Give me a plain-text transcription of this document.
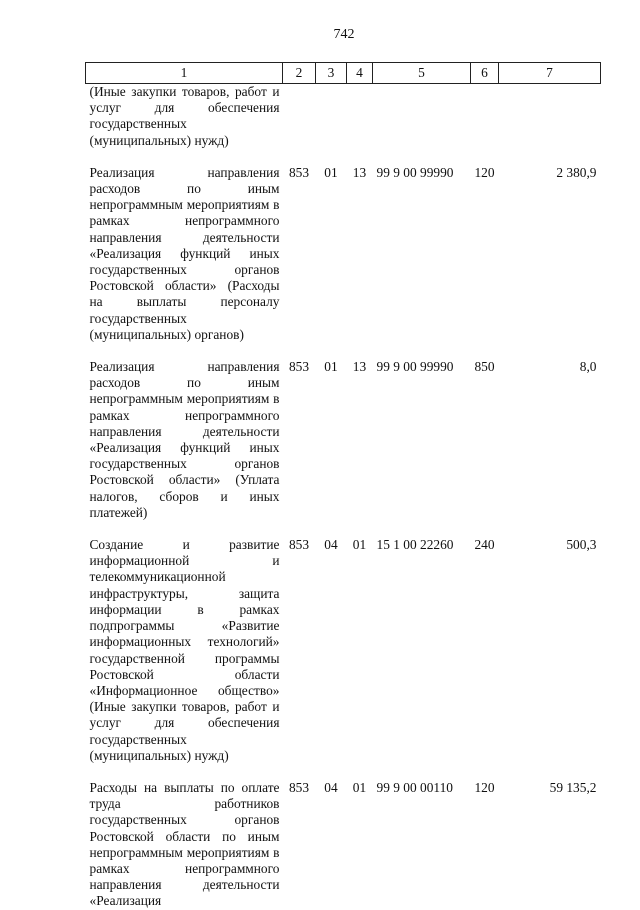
742
1	2	3	4	5	6	7
(Иные закупки товаров, работ и услуг для обеспечения государственных (муниципальных) нужд)						
Реализация направления расходов по иным непрограммным мероприятиям в рамках непрограммного направления деятельности «Реализация функций иных государственных органов Ростовской области» (Расходы на выплаты персоналу государственных (муниципальных) органов)	853	01	13	99 9 00 99990	120	2 380,9
Реализация направления расходов по иным непрограммным мероприятиям в рамках непрограммного направления деятельности «Реализация функций иных государственных органов Ростовской области» (Уплата налогов, сборов и иных платежей)	853	01	13	99 9 00 99990	850	8,0
Создание и развитие информационной и телекоммуникационной инфраструктуры, защита информации в рамках подпрограммы «Развитие информационных технологий» государственной программы Ростовской области «Информационное общество» (Иные закупки товаров, работ и услуг для обеспечения государственных (муниципальных) нужд)	853	04	01	15 1 00 22260	240	500,3
Расходы на выплаты по оплате труда работников государственных органов Ростовской области по иным непрограммным мероприятиям в рамках непрограммного направления деятельности «Реализация	853	04	01	99 9 00 00110	120	59 135,2
